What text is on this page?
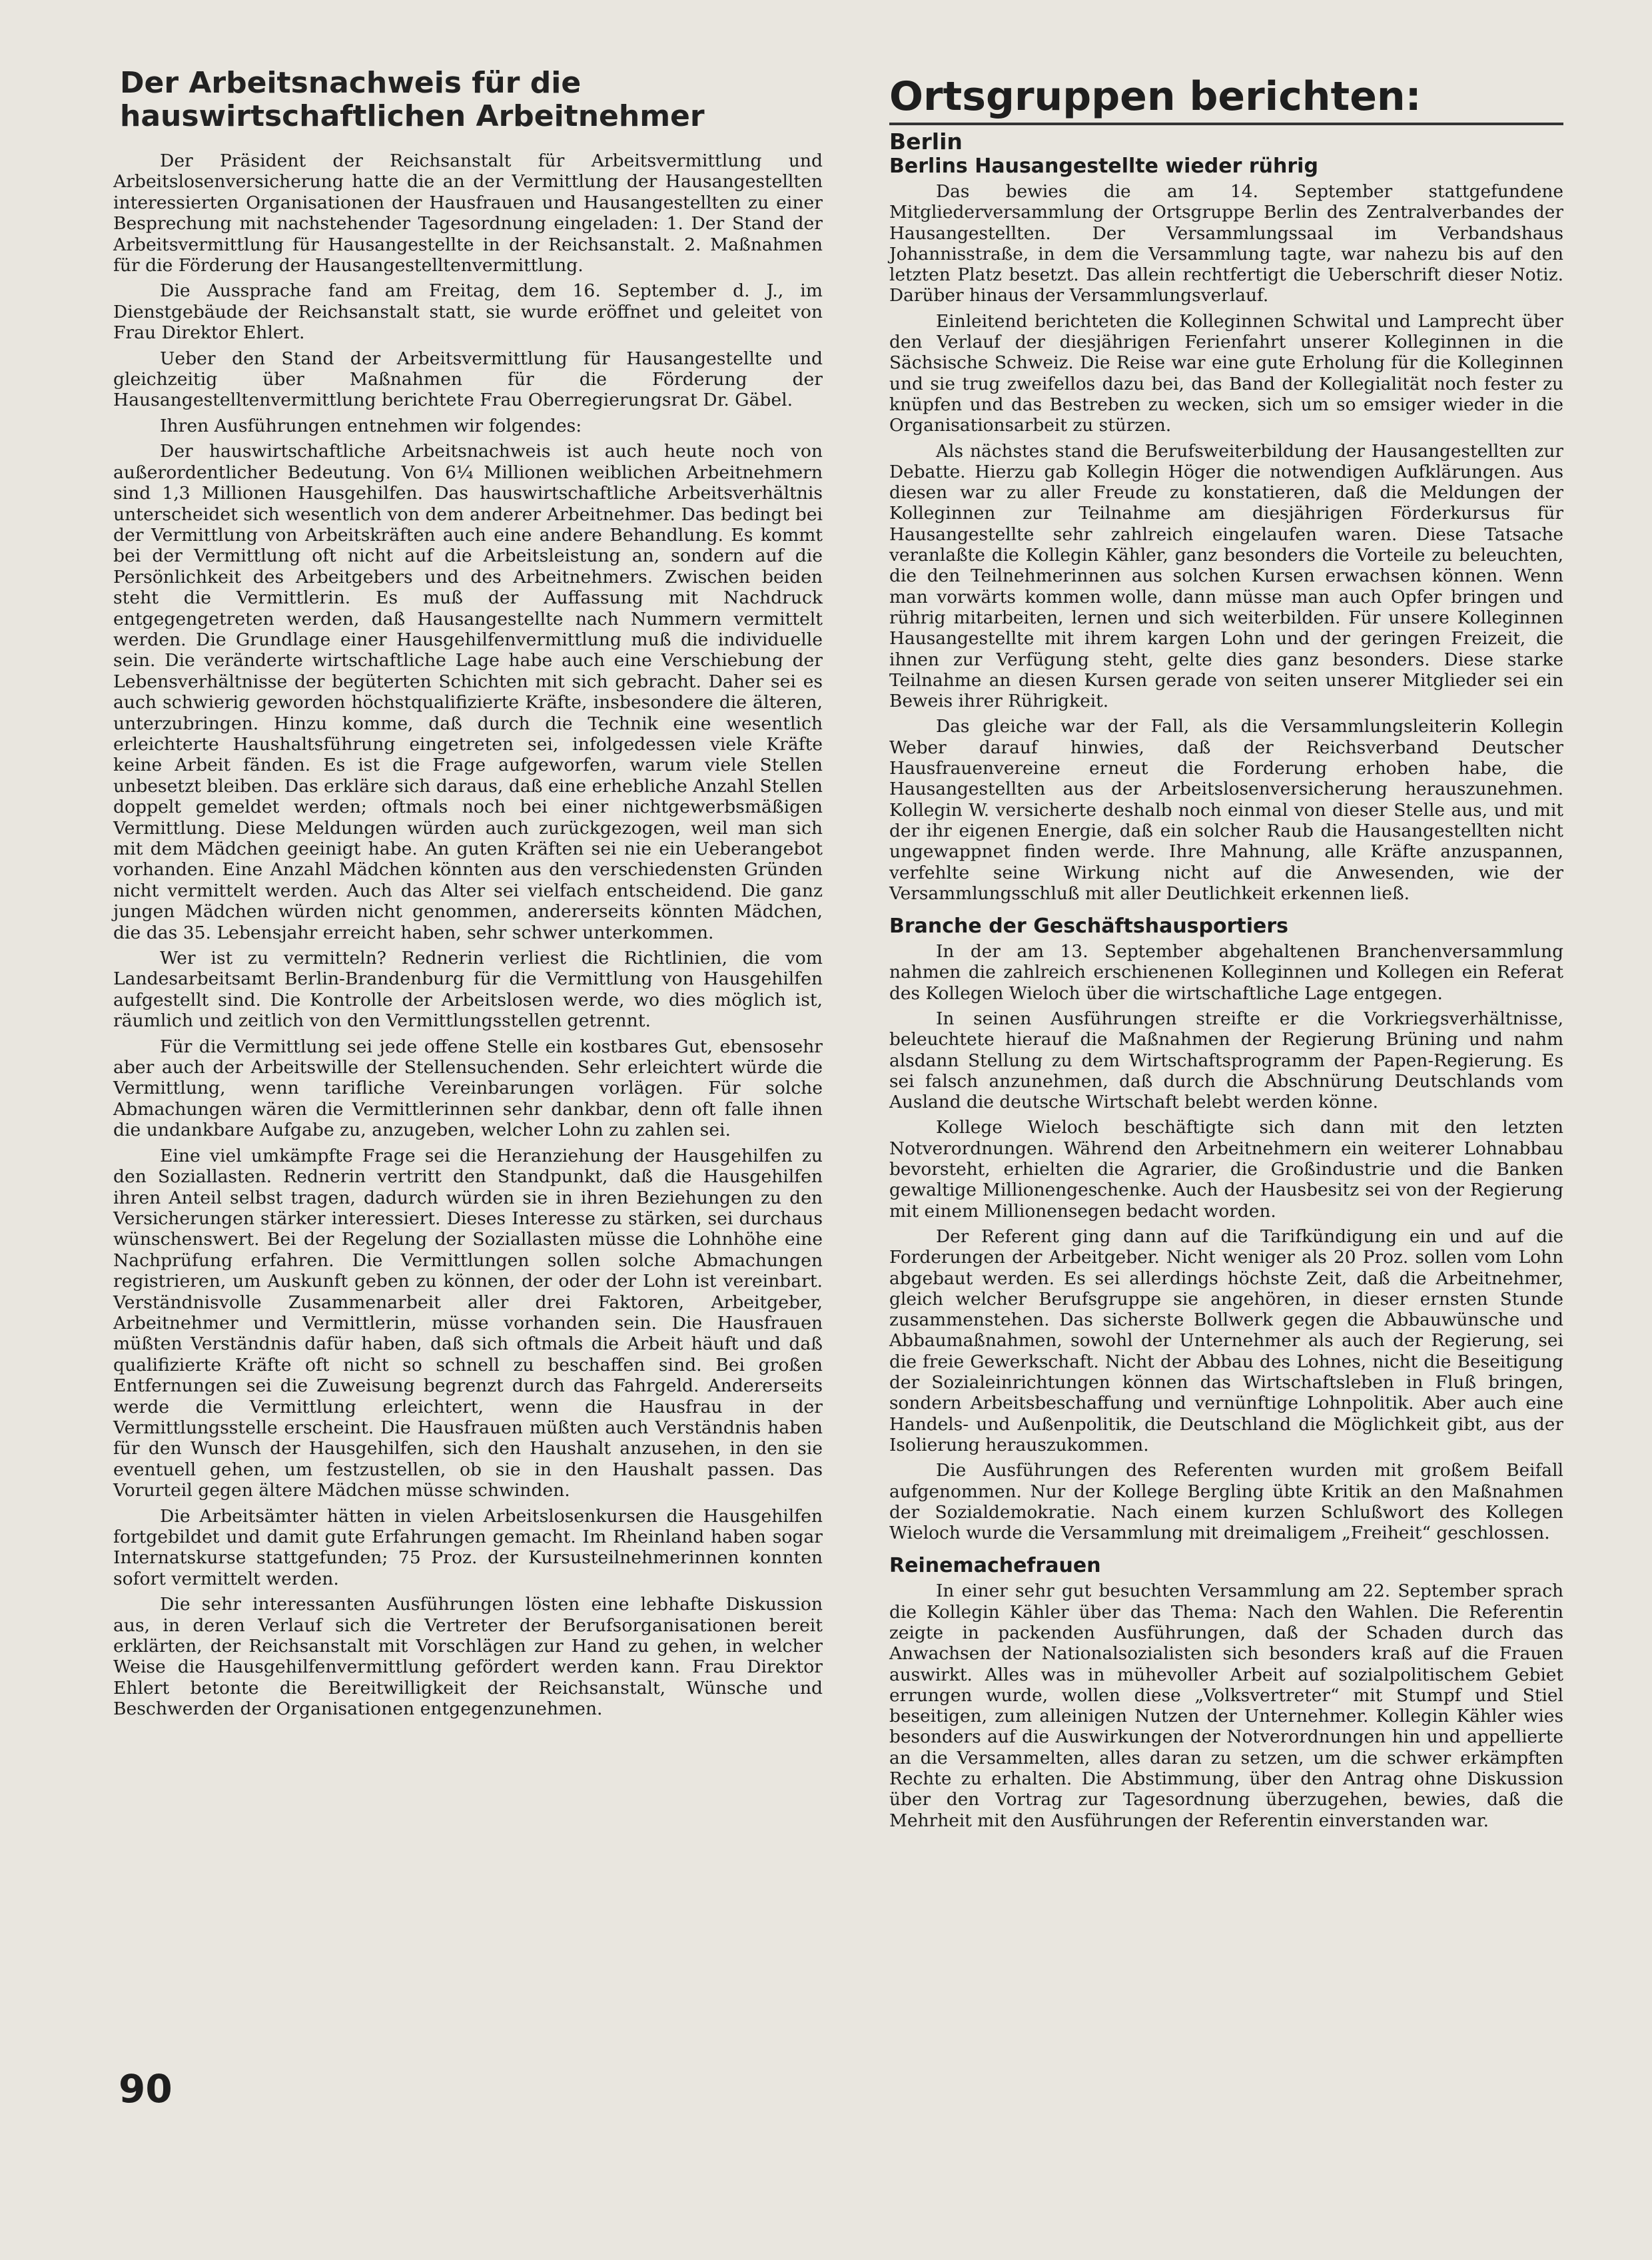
Der Arbeitsnachweis für die
hauswirtschaftlichen Arbeitnehmer

Der Präsident der Reichsanstalt für Arbeitsvermittlung und Arbeitslosenversicherung hatte die an der Vermittlung der Hausangestellten interessierten Organisationen der Hausfrauen und Hausangestellten zu einer Besprechung mit nachstehender Tagesordnung eingeladen: 1. Der Stand der Arbeitsvermittlung für Hausangestellte in der Reichsanstalt. 2. Maßnahmen für die Förderung der Hausangestelltenvermittlung.

Die Aussprache fand am Freitag, dem 16. September d. J., im Dienstgebäude der Reichsanstalt statt, sie wurde eröffnet und geleitet von Frau Direktor Ehlert.

Ueber den Stand der Arbeitsvermittlung für Hausangestellte und gleichzeitig über Maßnahmen für die Förderung der Hausangestelltenvermittlung berichtete Frau Oberregierungsrat Dr. Gäbel.

Ihren Ausführungen entnehmen wir folgendes:

Der hauswirtschaftliche Arbeitsnachweis ist auch heute noch von außerordentlicher Bedeutung. Von 6¼ Millionen weiblichen Arbeitnehmern sind 1,3 Millionen Hausgehilfen. Das hauswirtschaftliche Arbeitsverhältnis unterscheidet sich wesentlich von dem anderer Arbeitnehmer. Das bedingt bei der Vermittlung von Arbeitskräften auch eine andere Behandlung. Es kommt bei der Vermittlung oft nicht auf die Arbeitsleistung an, sondern auf die Persönlichkeit des Arbeitgebers und des Arbeitnehmers. Zwischen beiden steht die Vermittlerin. Es muß der Auffassung mit Nachdruck entgegengetreten werden, daß Hausangestellte nach Nummern vermittelt werden. Die Grundlage einer Hausgehilfenvermittlung muß die individuelle sein. Die veränderte wirtschaftliche Lage habe auch eine Verschiebung der Lebensverhältnisse der begüterten Schichten mit sich gebracht. Daher sei es auch schwierig geworden höchstqualifizierte Kräfte, insbesondere die älteren, unterzubringen. Hinzu komme, daß durch die Technik eine wesentlich erleichterte Haushaltsführung eingetreten sei, infolgedessen viele Kräfte keine Arbeit fänden. Es ist die Frage aufgeworfen, warum viele Stellen unbesetzt bleiben. Das erkläre sich daraus, daß eine erhebliche Anzahl Stellen doppelt gemeldet werden; oftmals noch bei einer nichtgewerbsmäßigen Vermittlung. Diese Meldungen würden auch zurückgezogen, weil man sich mit dem Mädchen geeinigt habe. An guten Kräften sei nie ein Ueberangebot vorhanden. Eine Anzahl Mädchen könnten aus den verschiedensten Gründen nicht vermittelt werden. Auch das Alter sei vielfach entscheidend. Die ganz jungen Mädchen würden nicht genommen, andererseits könnten Mädchen, die das 35. Lebensjahr erreicht haben, sehr schwer unterkommen.

Wer ist zu vermitteln? Rednerin verliest die Richtlinien, die vom Landesarbeitsamt Berlin-Brandenburg für die Vermittlung von Hausgehilfen aufgestellt sind. Die Kontrolle der Arbeitslosen werde, wo dies möglich ist, räumlich und zeitlich von den Vermittlungsstellen getrennt.

Für die Vermittlung sei jede offene Stelle ein kostbares Gut, ebensosehr aber auch der Arbeitswille der Stellensuchenden. Sehr erleichtert würde die Vermittlung, wenn tarifliche Vereinbarungen vorlägen. Für solche Abmachungen wären die Vermittlerinnen sehr dankbar, denn oft falle ihnen die undankbare Aufgabe zu, anzugeben, welcher Lohn zu zahlen sei.

Eine viel umkämpfte Frage sei die Heranziehung der Hausgehilfen zu den Soziallasten. Rednerin vertritt den Standpunkt, daß die Hausgehilfen ihren Anteil selbst tragen, dadurch würden sie in ihren Beziehungen zu den Versicherungen stärker interessiert. Dieses Interesse zu stärken, sei durchaus wünschenswert. Bei der Regelung der Soziallasten müsse die Lohnhöhe eine Nachprüfung erfahren. Die Vermittlungen sollen solche Abmachungen registrieren, um Auskunft geben zu können, der oder der Lohn ist vereinbart. Verständnisvolle Zusammenarbeit aller drei Faktoren, Arbeitgeber, Arbeitnehmer und Vermittlerin, müsse vorhanden sein. Die Hausfrauen müßten Verständnis dafür haben, daß sich oftmals die Arbeit häuft und daß qualifizierte Kräfte oft nicht so schnell zu beschaffen sind. Bei großen Entfernungen sei die Zuweisung begrenzt durch das Fahrgeld. Andererseits werde die Vermittlung erleichtert, wenn die Hausfrau in der Vermittlungsstelle erscheint. Die Hausfrauen müßten auch Verständnis haben für den Wunsch der Hausgehilfen, sich den Haushalt anzusehen, in den sie eventuell gehen, um festzustellen, ob sie in den Haushalt passen. Das Vorurteil gegen ältere Mädchen müsse schwinden.

Die Arbeitsämter hätten in vielen Arbeitslosenkursen die Hausgehilfen fortgebildet und damit gute Erfahrungen gemacht. Im Rheinland haben sogar Internatskurse stattgefunden; 75 Proz. der Kursusteilnehmerinnen konnten sofort vermittelt werden.

Die sehr interessanten Ausführungen lösten eine lebhafte Diskussion aus, in deren Verlauf sich die Vertreter der Berufsorganisationen bereit erklärten, der Reichsanstalt mit Vorschlägen zur Hand zu gehen, in welcher Weise die Hausgehilfenvermittlung gefördert werden kann. Frau Direktor Ehlert betonte die Bereitwilligkeit der Reichsanstalt, Wünsche und Beschwerden der Organisationen entgegenzunehmen.

Ortsgruppen berichten:
Berlin
Berlins Hausangestellte wieder rührig

Das bewies die am 14. September stattgefundene Mitgliederversammlung der Ortsgruppe Berlin des Zentralverbandes der Hausangestellten. Der Versammlungssaal im Verbandshaus Johannisstraße, in dem die Versammlung tagte, war nahezu bis auf den letzten Platz besetzt. Das allein rechtfertigt die Ueberschrift dieser Notiz. Darüber hinaus der Versammlungsverlauf.

Einleitend berichteten die Kolleginnen Schwital und Lamprecht über den Verlauf der diesjährigen Ferienfahrt unserer Kolleginnen in die Sächsische Schweiz. Die Reise war eine gute Erholung für die Kolleginnen und sie trug zweifellos dazu bei, das Band der Kollegialität noch fester zu knüpfen und das Bestreben zu wecken, sich um so emsiger wieder in die Organisationsarbeit zu stürzen.

Als nächstes stand die Berufsweiterbildung der Hausangestellten zur Debatte. Hierzu gab Kollegin Höger die notwendigen Aufklärungen. Aus diesen war zu aller Freude zu konstatieren, daß die Meldungen der Kolleginnen zur Teilnahme am diesjährigen Förderkursus für Hausangestellte sehr zahlreich eingelaufen waren. Diese Tatsache veranlaßte die Kollegin Kähler, ganz besonders die Vorteile zu beleuchten, die den Teilnehmerinnen aus solchen Kursen erwachsen können. Wenn man vorwärts kommen wolle, dann müsse man auch Opfer bringen und rührig mitarbeiten, lernen und sich weiterbilden. Für unsere Kolleginnen Hausangestellte mit ihrem kargen Lohn und der geringen Freizeit, die ihnen zur Verfügung steht, gelte dies ganz besonders. Diese starke Teilnahme an diesen Kursen gerade von seiten unserer Mitglieder sei ein Beweis ihrer Rührigkeit.

Das gleiche war der Fall, als die Versammlungsleiterin Kollegin Weber darauf hinwies, daß der Reichsverband Deutscher Hausfrauenvereine erneut die Forderung erhoben habe, die Hausangestellten aus der Arbeitslosenversicherung herauszunehmen. Kollegin W. versicherte deshalb noch einmal von dieser Stelle aus, und mit der ihr eigenen Energie, daß ein solcher Raub die Hausangestellten nicht ungewappnet finden werde. Ihre Mahnung, alle Kräfte anzuspannen, verfehlte seine Wirkung nicht auf die Anwesenden, wie der Versammlungsschluß mit aller Deutlichkeit erkennen ließ.

Branche der Geschäftshausportiers

In der am 13. September abgehaltenen Branchenversammlung nahmen die zahlreich erschienenen Kolleginnen und Kollegen ein Referat des Kollegen Wieloch über die wirtschaftliche Lage entgegen.

In seinen Ausführungen streifte er die Vorkriegsverhältnisse, beleuchtete hierauf die Maßnahmen der Regierung Brüning und nahm alsdann Stellung zu dem Wirtschaftsprogramm der Papen-Regierung. Es sei falsch anzunehmen, daß durch die Abschnürung Deutschlands vom Ausland die deutsche Wirtschaft belebt werden könne.

Kollege Wieloch beschäftigte sich dann mit den letzten Notverordnungen. Während den Arbeitnehmern ein weiterer Lohnabbau bevorsteht, erhielten die Agrarier, die Großindustrie und die Banken gewaltige Millionengeschenke. Auch der Hausbesitz sei von der Regierung mit einem Millionensegen bedacht worden.

Der Referent ging dann auf die Tarifkündigung ein und auf die Forderungen der Arbeitgeber. Nicht weniger als 20 Proz. sollen vom Lohn abgebaut werden. Es sei allerdings höchste Zeit, daß die Arbeitnehmer, gleich welcher Berufsgruppe sie angehören, in dieser ernsten Stunde zusammenstehen. Das sicherste Bollwerk gegen die Abbauwünsche und Abbaumaßnahmen, sowohl der Unternehmer als auch der Regierung, sei die freie Gewerkschaft. Nicht der Abbau des Lohnes, nicht die Beseitigung der Sozialeinrichtungen können das Wirtschaftsleben in Fluß bringen, sondern Arbeitsbeschaffung und vernünftige Lohnpolitik. Aber auch eine Handels- und Außenpolitik, die Deutschland die Möglichkeit gibt, aus der Isolierung herauszukommen.

Die Ausführungen des Referenten wurden mit großem Beifall aufgenommen. Nur der Kollege Bergling übte Kritik an den Maßnahmen der Sozialdemokratie. Nach einem kurzen Schlußwort des Kollegen Wieloch wurde die Versammlung mit dreimaligem „Freiheit“ geschlossen.

Reinemachefrauen

In einer sehr gut besuchten Versammlung am 22. September sprach die Kollegin Kähler über das Thema: Nach den Wahlen. Die Referentin zeigte in packenden Ausführungen, daß der Schaden durch das Anwachsen der Nationalsozialisten sich besonders kraß auf die Frauen auswirkt. Alles was in mühevoller Arbeit auf sozialpolitischem Gebiet errungen wurde, wollen diese „Volksvertreter“ mit Stumpf und Stiel beseitigen, zum alleinigen Nutzen der Unternehmer. Kollegin Kähler wies besonders auf die Auswirkungen der Notverordnungen hin und appellierte an die Versammelten, alles daran zu setzen, um die schwer erkämpften Rechte zu erhalten. Die Abstimmung, über den Antrag ohne Diskussion über den Vortrag zur Tagesordnung überzugehen, bewies, daß die Mehrheit mit den Ausführungen der Referentin einverstanden war.

90
